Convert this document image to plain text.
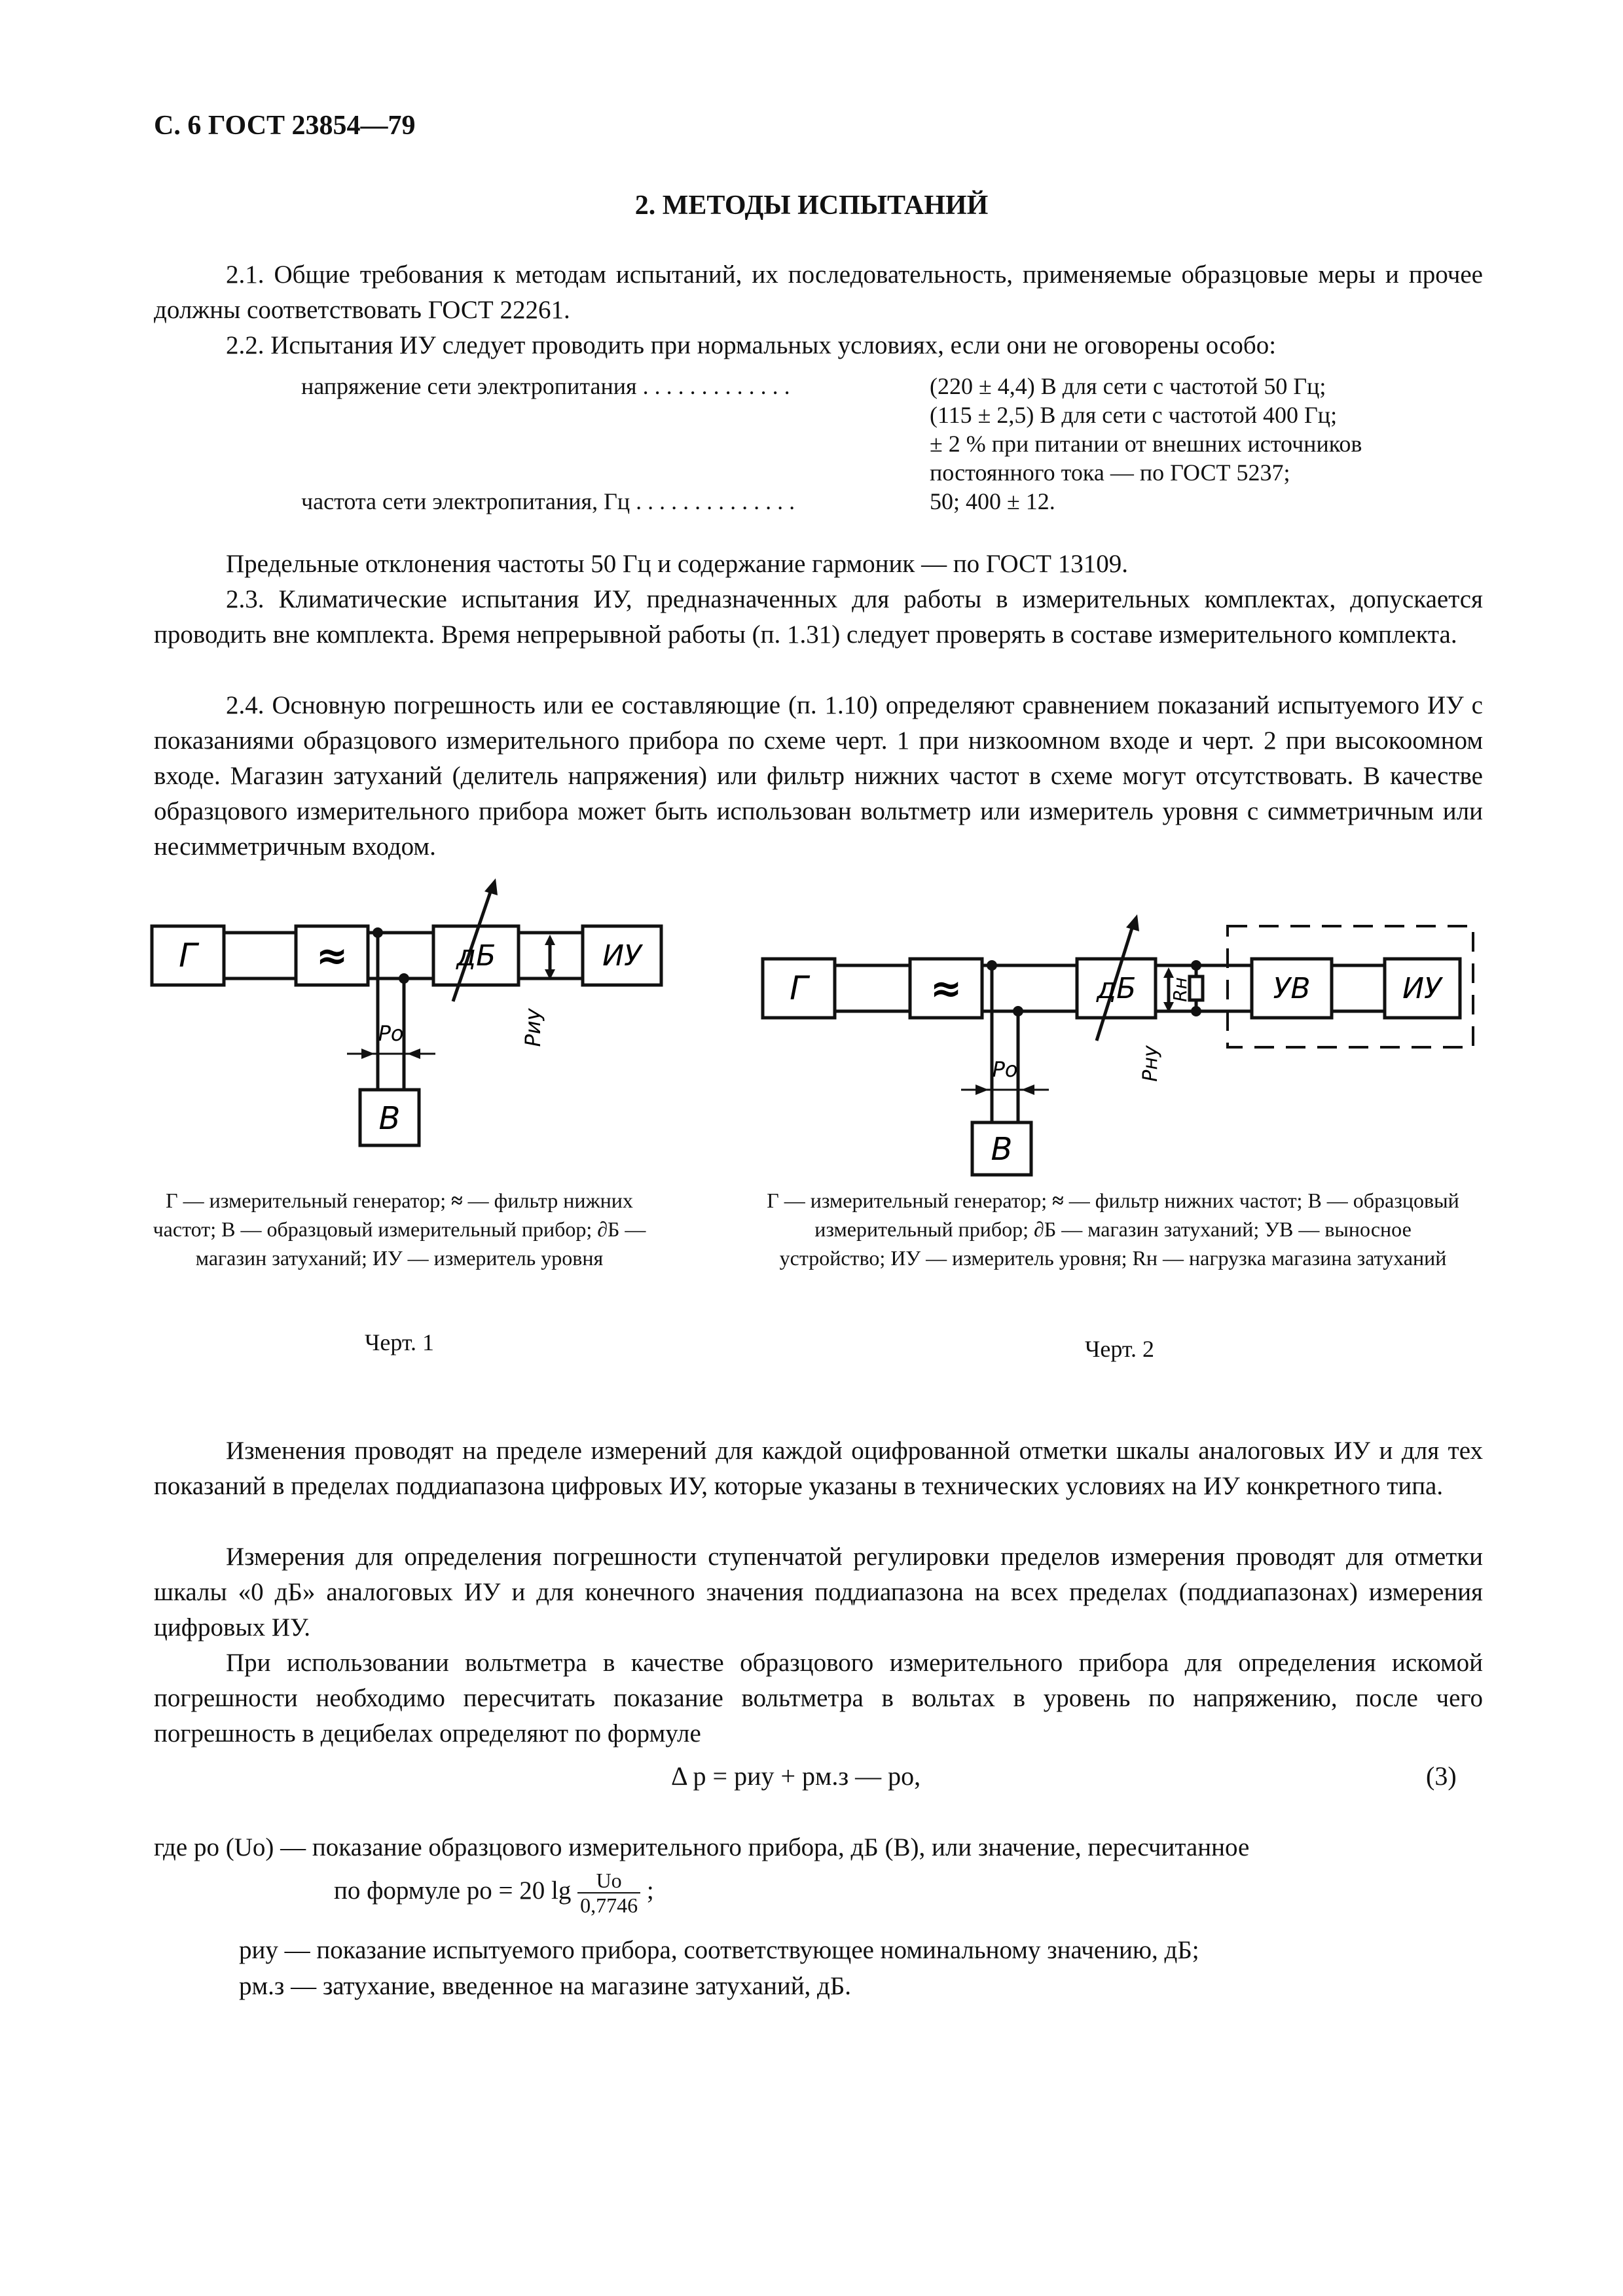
С. 6 ГОСТ 23854—79
2. МЕТОДЫ ИСПЫТАНИЙ

2.1. Общие требования к методам испытаний, их последовательность, применяемые образцовые меры и прочее должны соответствовать ГОСТ 22261.

2.2. Испытания ИУ следует проводить при нормальных условиях, если они не оговорены особо:

напряжение сети электропитания . . . . . . . . . . . . .	(220 ± 4,4) В для сети с частотой 50 Гц;
(115 ± 2,5) В для сети с частотой 400 Гц;
± 2 % при питании от внешних источников
постоянного тока — по ГОСТ 5237;
частота сети электропитания, Гц . . . . . . . . . . . . . .	50; 400 ± 12.

Предельные отклонения частоты 50 Гц и содержание гармоник — по ГОСТ 13109.

2.3. Климатические испытания ИУ, предназначенных для работы в измерительных комплектах, допускается проводить вне комплекта. Время непрерывной работы (п. 1.31) следует проверять в составе измерительного комплекта.

2.4. Основную погрешность или ее составляющие (п. 1.10) определяют сравнением показаний испытуемого ИУ с показаниями образцового измерительного прибора по схеме черт. 1 при низкоомном входе и черт. 2 при высокоомном входе. Магазин затуханий (делитель напряжения) или фильтр нижних частот в схеме могут отсутствовать. В качестве образцового измерительного прибора может быть использован вольтметр или измеритель уровня с симметричным или несимметричным входом.

Г	≈	дБ	ИУ
В
Pо	Pиу
Г — измерительный генератор; ≈ — фильтр нижних частот; В — образцовый измерительный прибор; ∂Б — магазин затуханий; ИУ — измеритель уровня
Черт. 1
Г	≈	дБ	УВ	ИУ
В
Pо
Rн
Pну
Г — измерительный генератор; ≈ — фильтр нижних частот; В — образцовый измерительный прибор; ∂Б — магазин затуханий; УВ — выносное устройство; ИУ — измеритель уровня; Rн — нагрузка магазина затуханий
Черт. 2

Изменения проводят на пределе измерений для каждой оцифрованной отметки шкалы аналоговых ИУ и для тех показаний в пределах поддиапазона цифровых ИУ, которые указаны в технических условиях на ИУ конкретного типа.

Измерения для определения погрешности ступенчатой регулировки пределов измерения проводят для отметки шкалы «0 дБ» аналоговых ИУ и для конечного значения поддиапазона на всех пределах (поддиапазонах) измерения цифровых ИУ.

При использовании вольтметра в качестве образцового измерительного прибора для определения искомой погрешности необходимо пересчитать показание вольтметра в вольтах в уровень по напряжению, после чего погрешность в децибелах определяют по формуле

Δ p = pиу + pм.з — pо,	(3)
где pо (Uо) — показание образцового измерительного прибора, дБ (В), или значение, пересчитанное
по формуле pо = 20 $\lg \frac{Uо}{0,7746}$ ;
pиу — показание испытуемого прибора, соответствующее номинальному значению, дБ;
pм.з — затухание, введенное на магазине затуханий, дБ.
